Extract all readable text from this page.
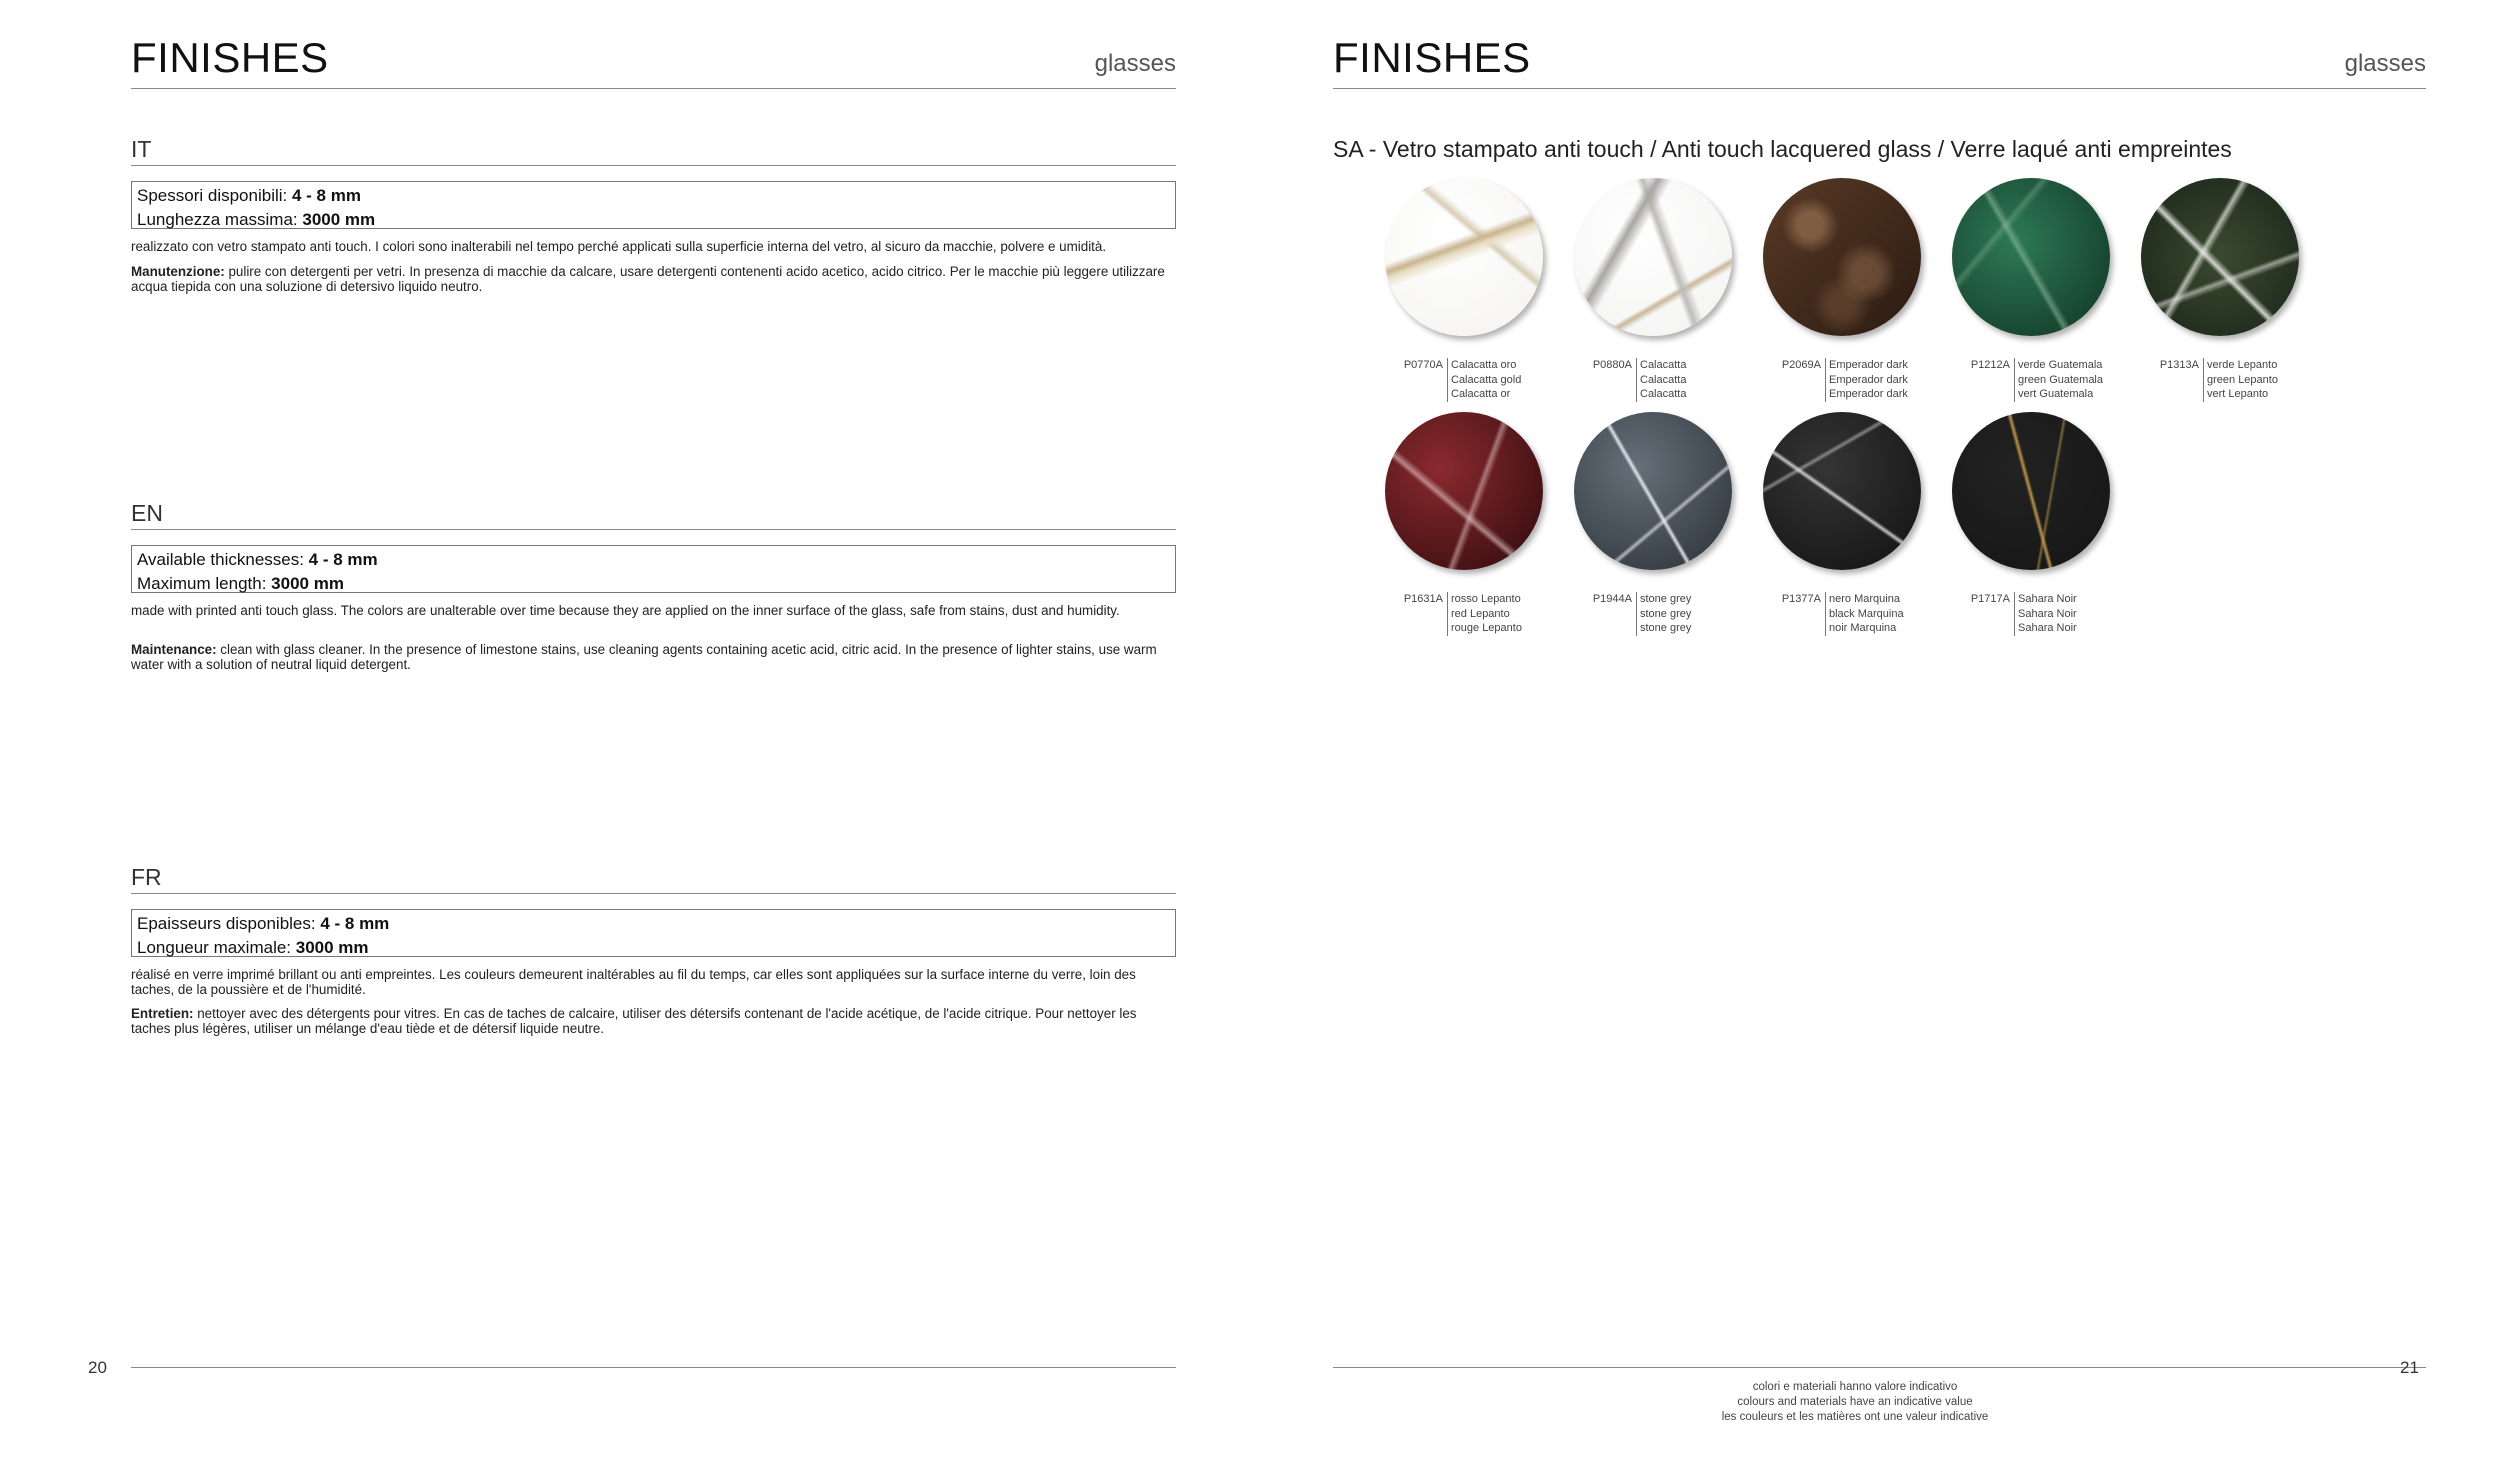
FINISHES	glasses
IT
Spessori disponibili: 4 - 8 mm
Lunghezza massima: 3000 mm
realizzato con vetro stampato anti touch. I colori sono inalterabili nel tempo perché applicati sulla superficie interna del vetro, al sicuro da macchie, polvere e umidità.
Manutenzione: pulire con detergenti per vetri. In presenza di macchie da calcare, usare detergenti contenenti acido acetico, acido citrico. Per le macchie più leggere utilizzare acqua tiepida con una soluzione di detersivo liquido neutro.
EN
Available thicknesses: 4 - 8 mm
Maximum length: 3000 mm
made with printed anti touch glass. The colors are unalterable over time because they are applied on the inner surface of the glass, safe from stains, dust and humidity.
Maintenance: clean with glass cleaner. In the presence of limestone stains, use cleaning agents containing acetic acid, citric acid. In the presence of lighter stains, use warm water with a solution of neutral liquid detergent.
FR
Epaisseurs disponibles: 4 - 8 mm
Longueur maximale: 3000 mm
réalisé en verre imprimé brillant ou anti empreintes. Les couleurs demeurent inaltérables au fil du temps, car elles sont appliquées sur la surface interne du verre, loin des taches, de la poussière et de l'humidité.
Entretien: nettoyer avec des détergents pour vitres. En cas de taches de calcaire, utiliser des détersifs contenant de l'acide acétique, de l'acide citrique. Pour nettoyer les taches plus légères, utiliser un mélange d'eau tiède et de détersif liquide neutre.
20
FINISHES	glasses
SA - Vetro stampato anti touch / Anti touch lacquered glass / Verre laqué anti empreintes
P0770A Calacatta oro
Calacatta gold
Calacatta or
P0880A Calacatta
Calacatta
Calacatta
P2069A Emperador dark
Emperador dark
Emperador dark
P1212A verde Guatemala
green Guatemala
vert Guatemala
P1313A verde Lepanto
green Lepanto
vert Lepanto
P1631A rosso Lepanto
red Lepanto
rouge Lepanto
P1944A stone grey
stone grey
stone grey
P1377A nero Marquina
black Marquina
noir Marquina
P1717A Sahara Noir
Sahara Noir
Sahara Noir
21
colori e materiali hanno valore indicativo
colours and materials have an indicative value
les couleurs et les matières ont une valeur indicative
